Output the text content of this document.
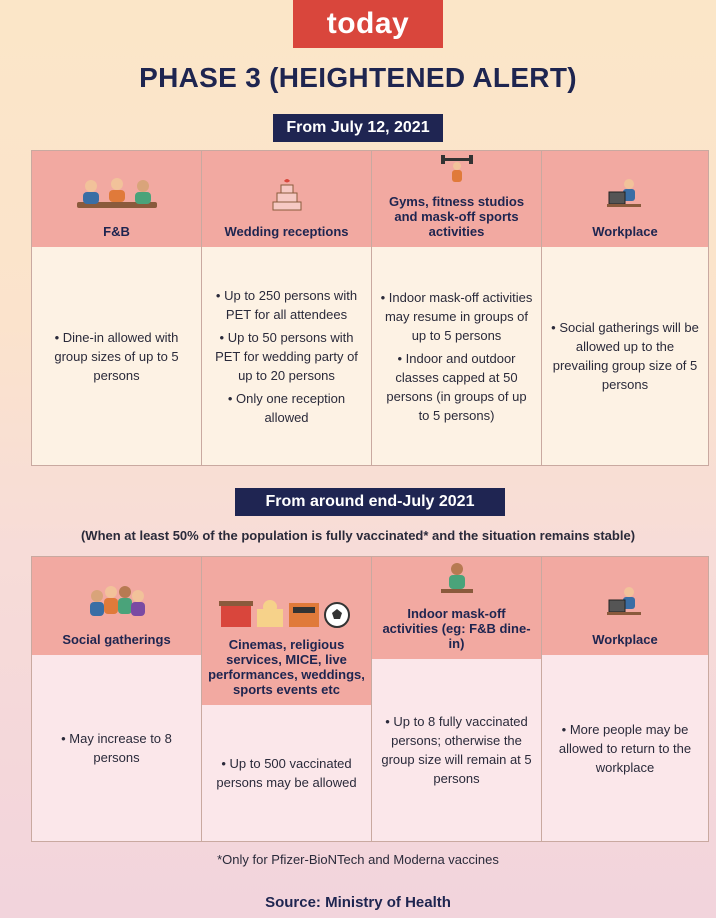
today
PHASE 3 (HEIGHTENED ALERT)
From July 12, 2021
F&B
• Dine-in allowed with group sizes of up to 5 persons
Wedding receptions
• Up to 250 persons with PET for all attendees
• Up to 50 persons with PET for wedding party of up to 20 persons
• Only one reception allowed
Gyms, fitness studios and mask-off sports activities
• Indoor mask-off activities may resume in groups of up to 5 persons
• Indoor and outdoor classes capped at 50 persons (in groups of up to 5 persons)
Workplace
• Social gatherings will be allowed up to the prevailing group size of 5 persons
From around end-July 2021
(When at least 50% of the population is fully vaccinated* and the situation remains stable)
Social gatherings
• May increase to 8 persons
Cinemas, religious services, MICE, live performances, weddings, sports events etc
• Up to 500 vaccinated persons may be allowed
Indoor mask-off activities (eg: F&B dine-in)
• Up to 8 fully vaccinated persons; otherwise the group size will remain at 5 persons
Workplace
• More people may be allowed to return to the workplace
*Only for Pfizer-BioNTech and Moderna vaccines
Source: Ministry of Health
